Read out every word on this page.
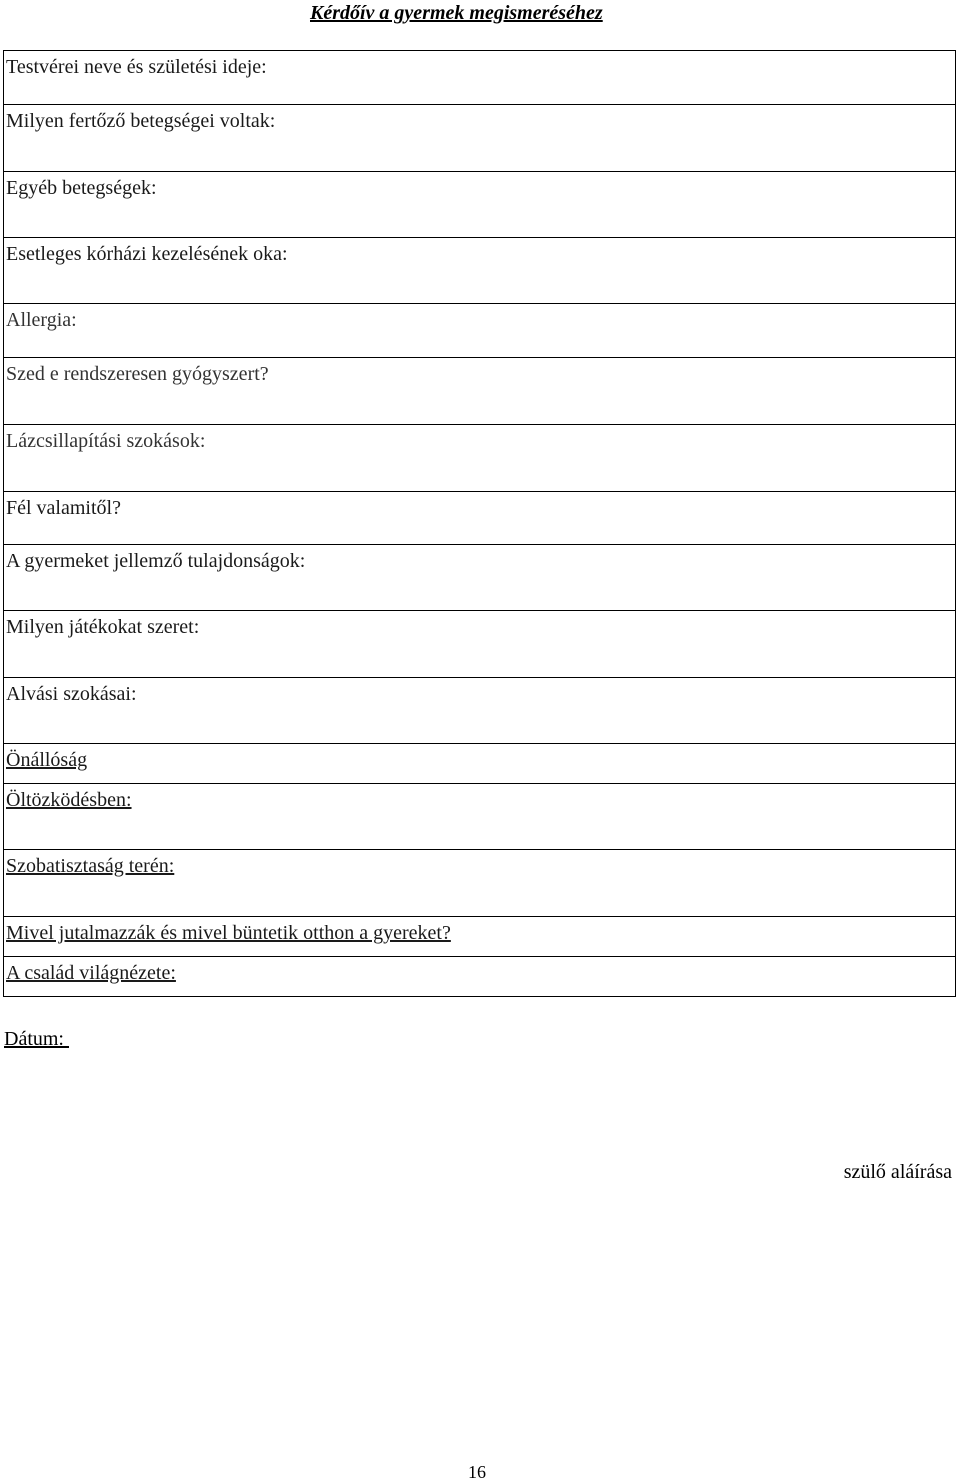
Kérdőív a gyermek megismeréséhez
Testvérei neve és születési ideje:
Milyen fertőző betegségei voltak:
Egyéb betegségek:
Esetleges kórházi kezelésének oka:
Allergia:
Szed e rendszeresen gyógyszert?
Lázcsillapítási szokások:
Fél valamitől?
A gyermeket jellemző tulajdonságok:
Milyen játékokat szeret:
Alvási szokásai:
Önállóság
Öltözködésben:
Szobatisztaság terén:
Mivel jutalmazzák és mivel büntetik otthon a gyereket?
A család világnézete:
Dátum:
szülő aláírása
16
